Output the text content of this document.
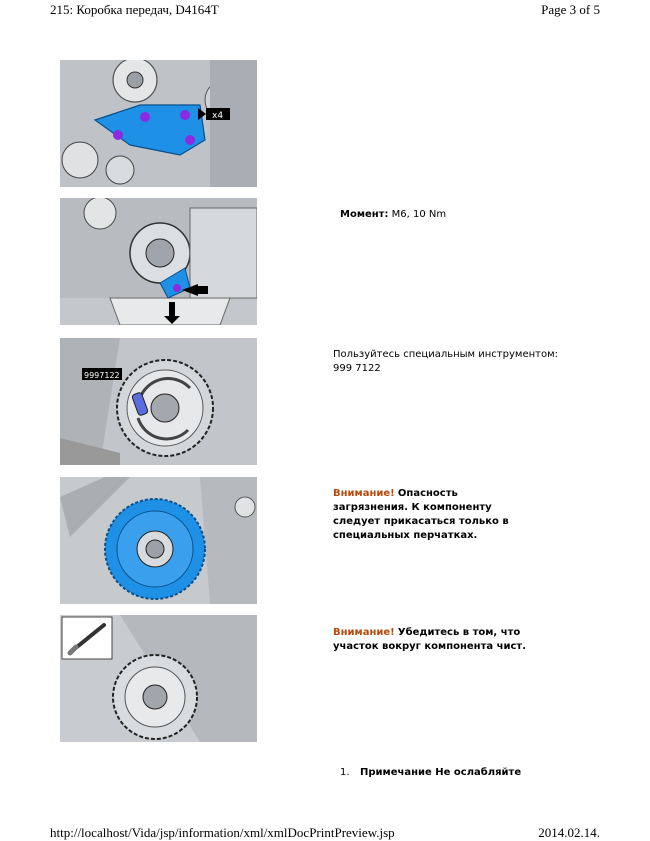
215: Коробка передач, D4164T	Page 3 of 5
x4
9997122
Момент: M6, 10 Nm
Пользуйтесь специальным инструментом: 999 7122
Внимание! Опасность загрязнения. К компоненту следует прикасаться только в специальных перчатках.
Внимание! Убедитесь в том, что участок вокруг компонента чист.
1. Примечание Не ослабляйте
http://localhost/Vida/jsp/information/xml/xmlDocPrintPreview.jsp	2014.02.14.
